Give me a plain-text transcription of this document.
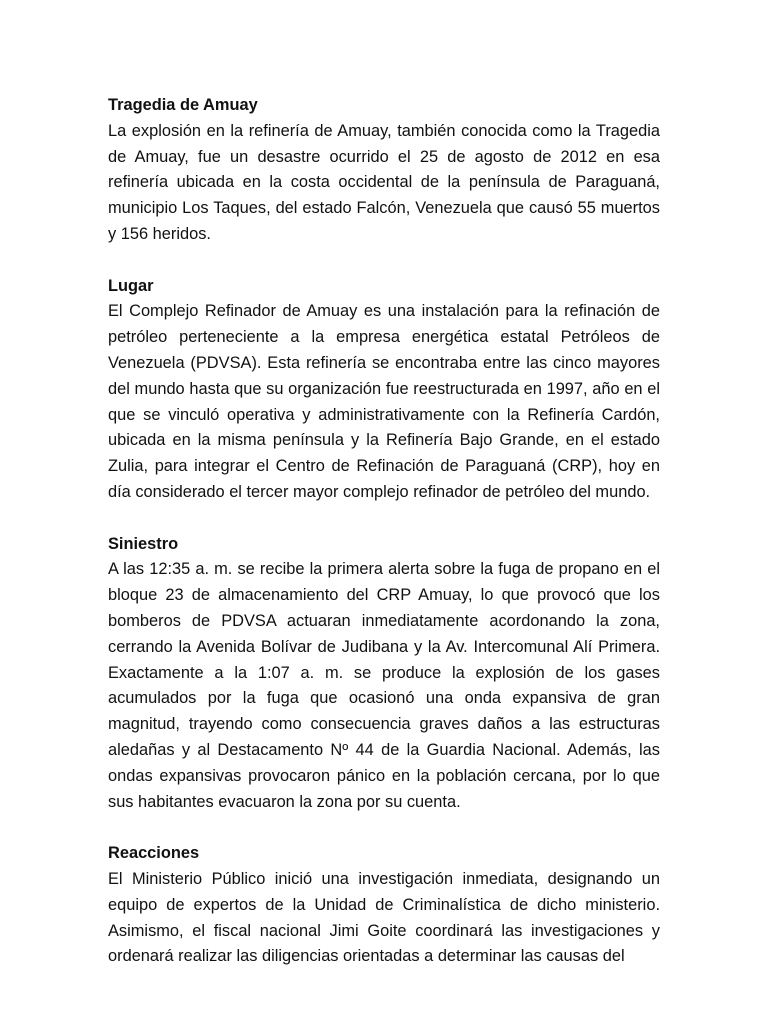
Tragedia de Amuay

La explosión en la refinería de Amuay, también conocida como la Tragedia de Amuay, fue un desastre ocurrido el 25 de agosto de 2012 en esa refinería ubicada en la costa occidental de la península de Paraguaná, municipio Los Taques, del estado Falcón, Venezuela que causó 55 muertos y 156 heridos.

Lugar

El Complejo Refinador de Amuay es una instalación para la refinación de petróleo perteneciente a la empresa energética estatal Petróleos de Venezuela (PDVSA). Esta refinería se encontraba entre las cinco mayores del mundo hasta que su organización fue reestructurada en 1997, año en el que se vinculó operativa y administrativamente con la Refinería Cardón, ubicada en la misma península y la Refinería Bajo Grande, en el estado Zulia, para integrar el Centro de Refinación de Paraguaná (CRP), hoy en día considerado el tercer mayor complejo refinador de petróleo del mundo.

Siniestro

A las 12:35 a. m. se recibe la primera alerta sobre la fuga de propano en el bloque 23 de almacenamiento del CRP Amuay, lo que provocó que los bomberos de PDVSA actuaran inmediatamente acordonando la zona, cerrando la Avenida Bolívar de Judibana y la Av. Intercomunal Alí Primera. Exactamente a la 1:07 a. m. se produce la explosión de los gases acumulados por la fuga que ocasionó una onda expansiva de gran magnitud, trayendo como consecuencia graves daños a las estructuras aledañas y al Destacamento Nº 44 de la Guardia Nacional. Además, las ondas expansivas provocaron pánico en la población cercana, por lo que sus habitantes evacuaron la zona por su cuenta.

Reacciones

El Ministerio Público inició una investigación inmediata, designando un equipo de expertos de la Unidad de Criminalística de dicho ministerio. Asimismo, el fiscal nacional Jimi Goite coordinará las investigaciones y ordenará realizar las diligencias orientadas a determinar las causas del
